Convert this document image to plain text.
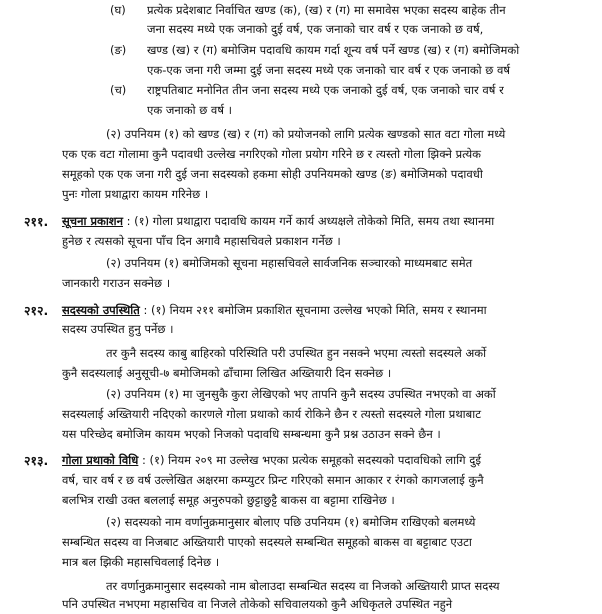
(घ) प्रत्येक प्रदेशबाट निर्वाचित खण्ड (क), (ख) र (ग) मा समावेस भएका सदस्य बाहेक तीन
जना सदस्य मध्ये एक जनाको दुई वर्ष, एक जनाको चार वर्ष र एक जनाको छ वर्ष,
(ङ) खण्ड (ख) र (ग) बमोजिम पदावधि कायम गर्दा शून्य वर्ष पर्ने खण्ड (ख) र (ग) बमोजिमको
एक-एक जना गरी जम्मा दुई जना सदस्य मध्ये एक जनाको चार वर्ष र एक जनाको छ वर्ष
(च) राष्ट्रपतिबाट मनोनित तीन जना सदस्य मध्ये एक जनाको दुई वर्ष, एक जनाको चार वर्ष र
एक जनाको छ वर्ष ।
(२) उपनियम (१) को खण्ड (ख) र (ग) को प्रयोजनको लागि प्रत्येक खण्डको सात वटा गोला मध्ये
एक एक वटा गोलामा कुनै पदावधी उल्लेख नगरिएको गोला प्रयोग गरिने छ र त्यस्तो गोला झिक्ने प्रत्येक
समूहको एक एक जना गरी दुई जना सदस्यको हकमा सोही उपनियमको खण्ड (ङ) बमोजिमको पदावधी
पुनः गोला प्रथाद्वारा कायम गरिनेछ ।
२११. सूचना प्रकाशन : (१) गोला प्रथाद्वारा पदावधि कायम गर्ने कार्य अध्यक्षले तोकेको मिति, समय तथा स्थानमा
हुनेछ र त्यसको सूचना पाँच दिन अगावै महासचिवले प्रकाशन गर्नेछ ।
(२) उपनियम (१) बमोजिमको सूचना महासचिवले सार्वजनिक सञ्चारको माध्यमबाट समेत
जानकारी गराउन सक्नेछ ।
२१२. सदस्यको उपस्थिति : (१) नियम २११ बमोजिम प्रकाशित सूचनामा उल्लेख भएको मिति, समय र स्थानमा
सदस्य उपस्थित हुनु पर्नेछ ।
तर कुनै सदस्य काबु बाहिरको परिस्थिति परी उपस्थित हुन नसक्ने भएमा त्यस्तो सदस्यले अर्को
कुनै सदस्यलाई अनुसूची-७ बमोजिमको ढाँचामा लिखित अख्तियारी दिन सक्नेछ ।
(२) उपनियम (१) मा जुनसुकै कुरा लेखिएको भए तापनि कुनै सदस्य उपस्थित नभएको वा अर्को
सदस्यलाई अख्तियारी नदिएको कारणले गोला प्रथाको कार्य रोकिने छैन र त्यस्तो सदस्यले गोला प्रथाबाट
यस परिच्छेद बमोजिम कायम भएको निजको पदावधि सम्बन्धमा कुनै प्रश्न उठाउन सक्ने छैन ।
२१३. गोला प्रथाको विधि : (१) नियम २०९ मा उल्लेख भएका प्रत्येक समूहको सदस्यको पदावधिको लागि दुई
वर्ष, चार वर्ष र छ वर्ष उल्लेखित अक्षरमा कम्प्युटर प्रिन्ट गरिएको समान आकार र रंगको कागजलाई कुनै
बलभित्र राखी उक्त बललाई समूह अनुरुपको छुट्टाछुट्टै बाकस वा बट्टामा राखिनेछ ।
(२) सदस्यको नाम वर्णानुक्रमानुसार बोलाए पछि उपनियम (१) बमोजिम राखिएको बलमध्ये
सम्बन्धित सदस्य वा निजबाट अख्तियारी पाएको सदस्यले सम्बन्धित समूहको बाकस वा बट्टाबाट एउटा
मात्र बल झिकी महासचिवलाई दिनेछ ।
तर वर्णानुक्रमानुसार सदस्यको नाम बोलाउदा सम्बन्धित सदस्य वा निजको अख्तियारी प्राप्त सदस्य
पनि उपस्थित नभएमा महासचिव वा निजले तोकेको सचिवालयको कुनै अधिकृतले उपस्थित नहुने
